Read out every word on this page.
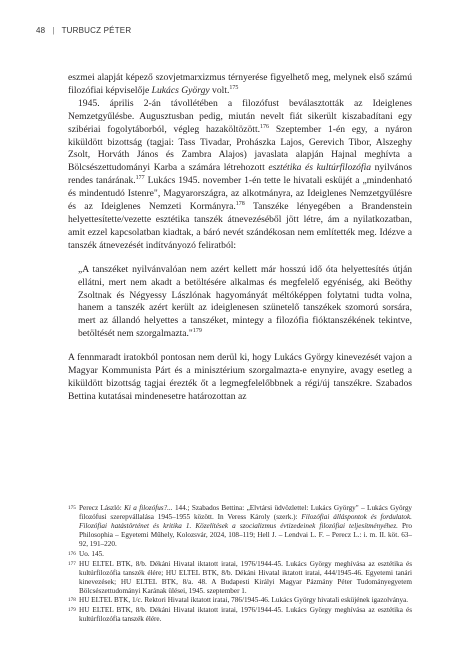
48 | TURBUCZ PÉTER

eszmei alapját képező szovjetmarxizmus térnyerése figyelhető meg, melynek első számú filozófiai képviselője Lukács György volt.$^{175}$

1945. április 2-án távollétében a filozófust beválasztották az Ideiglenes Nemzetgyűlésbe. Augusztusban pedig, miután nevelt fiát sikerült kiszabadítani egy szibériai fogolytáborból, végleg hazaköltözött.$^{176}$ Szeptember 1-én egy, a nyáron kiküldött bizottság (tagjai: Tass Tivadar, Prohászka Lajos, Gerevich Tibor, Alszeghy Zsolt, Horváth János és Zambra Alajos) javaslata alapján Hajnal meghívta a Bölcsészettudományi Karba a számára létrehozott esztétika és kultúrfilozófia nyilvános rendes tanárának.$^{177}$ Lukács 1945. november 1-én tette le hivatali esküjét a „mindenható és mindentudó Istenre", Magyarországra, az alkotmányra, az Ideiglenes Nemzetgyűlésre és az Ideiglenes Nemzeti Kormányra.$^{178}$ Tanszéke lényegében a Brandenstein helyettesítette/vezette esztétika tanszék átnevezéséből jött létre, ám a nyilatkozatban, amit ezzel kapcsolatban kiadtak, a báró nevét szándékosan nem említették meg. Idézve a tanszék átnevezését indítványozó feliratból:

„A tanszéket nyilvánvalóan nem azért kellett már hosszú idő óta helyettesítés útján ellátni, mert nem akadt a betöltésére alkalmas és megfelelő egyéniség, aki Beöthy Zsoltnak és Négyessy Lászlónak hagyományát méltóképpen folytatni tudta volna, hanem a tanszék azért került az ideiglenesen szünetelő tanszékek szomorú sorsára, mert az állandó helyettes a tanszéket, mintegy a filozófia fióktanszékének tekintve, betöltését nem szorgalmazta."$^{179}$

A fennmaradt iratokból pontosan nem derül ki, hogy Lukács György kinevezését vajon a Magyar Kommunista Párt és a minisztérium szorgalmazta-e enynyire, avagy esetleg a kiküldött bizottság tagjai érezték őt a legmegfelelőbbnek a régi/új tanszékre. Szabados Bettina kutatásai mindenesetre határozottan az

175 Perecz László: Ki a filozófus?... 144.; Szabados Bettina: „Elvtársi üdvözlettel: Lukács György" – Lukács György filozófusi szerepvállalása 1945–1955 között. In Veress Károly (szerk.): Filozófiai álláspontok és fordulatok. Filozófiai hatástörténet és kritika 1. Közelítések a szocializmus évtizedeinek filozófiai teljesítményéhez. Pro Philosophia – Egyetemi Műhely, Kolozsvár, 2024, 108–119; Hell J. – Lendvai L. F. – Perecz L.: i. m. II. köt. 63–92, 191–220.
176 Uo. 145.
177 HU ELTEL BTK, 8/b. Dékáni Hivatal iktatott iratai, 1976/1944-45. Lukács György meghívása az esztétika és kultúrfilozófia tanszék élére; HU ELTEL BTK, 8/b. Dékáni Hivatal iktatott iratai, 444/1945-46. Egyetemi tanári kinevezések; HU ELTEL BTK, 8/a. 48. A Budapesti Királyi Magyar Pázmány Péter Tudományegyetem Bölcsészettudományi Karának ülései, 1945. szeptember 1.
178 HU ELTEL BTK, 1/c. Rektori Hivatal iktatott iratai, 786/1945-46. Lukács György hivatali esküjének igazolványa.
179 HU ELTEL BTK, 8/b. Dékáni Hivatal iktatott iratai, 1976/1944-45. Lukács György meghívása az esztétika és kultúrfilozófia tanszék élére.
